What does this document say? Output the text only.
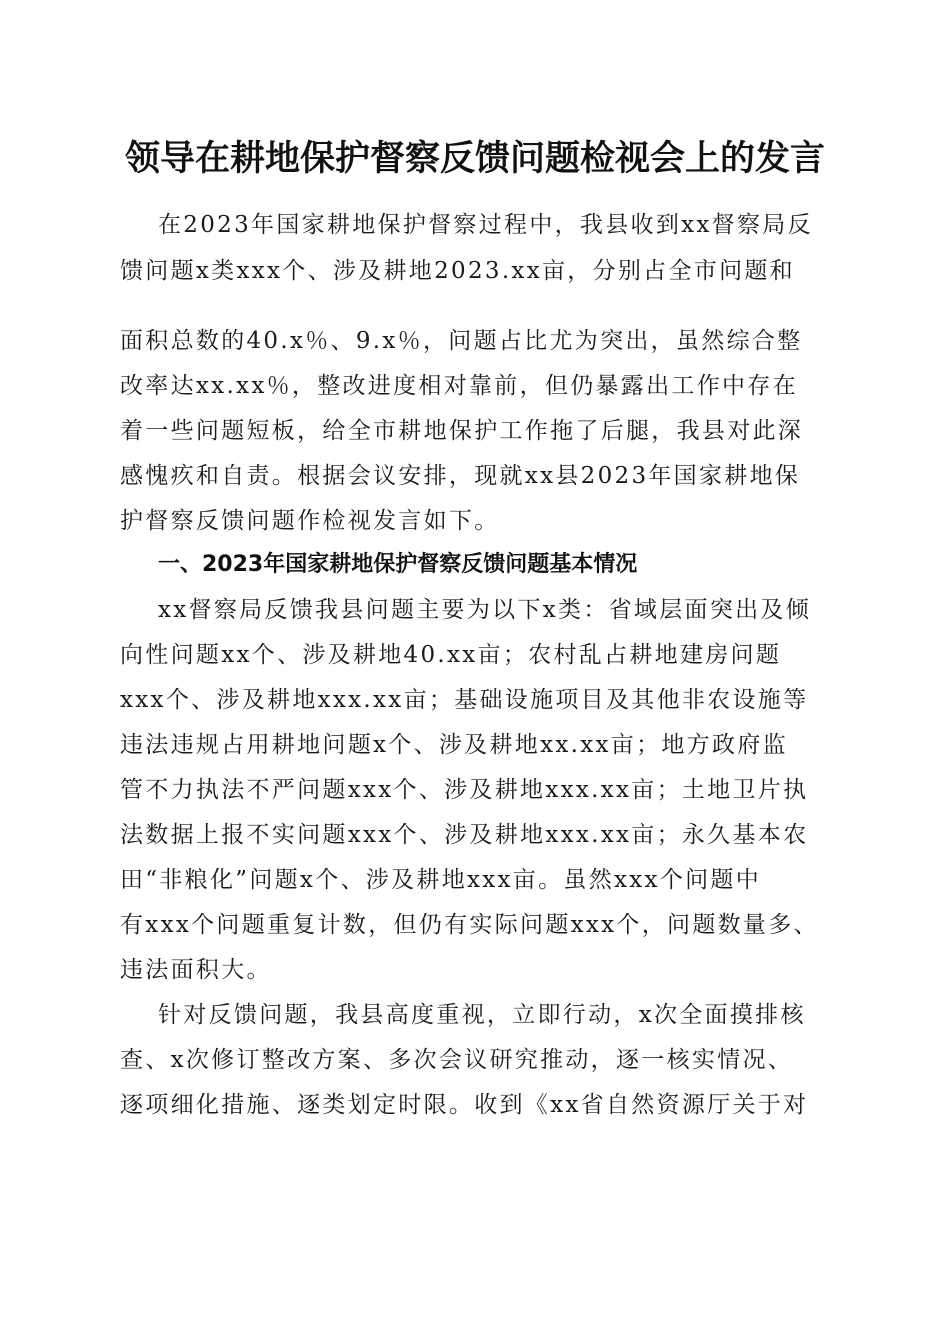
领导在耕地保护督察反馈问题检视会上的发言
在2023年国家耕地保护督察过程中，我县收到xx督察局反
馈问题x类xxx个、涉及耕地2023.xx亩，分别占全市问题和
面积总数的40.x％、9.x％，问题占比尤为突出，虽然综合整
改率达xx.xx％，整改进度相对靠前，但仍暴露出工作中存在
着一些问题短板，给全市耕地保护工作拖了后腿，我县对此深
感愧疚和自责。根据会议安排，现就xx县2023年国家耕地保
护督察反馈问题作检视发言如下。
一、2023年国家耕地保护督察反馈问题基本情况
xx督察局反馈我县问题主要为以下x类：省域层面突出及倾
向性问题xx个、涉及耕地40.xx亩；农村乱占耕地建房问题
xxx个、涉及耕地xxx.xx亩；基础设施项目及其他非农设施等
违法违规占用耕地问题x个、涉及耕地xx.xx亩；地方政府监
管不力执法不严问题xxx个、涉及耕地xxx.xx亩；土地卫片执
法数据上报不实问题xxx个、涉及耕地xxx.xx亩；永久基本农
田“非粮化”问题x个、涉及耕地xxx亩。虽然xxx个问题中
有xxx个问题重复计数，但仍有实际问题xxx个，问题数量多、
违法面积大。
针对反馈问题，我县高度重视，立即行动，x次全面摸排核
查、x次修订整改方案、多次会议研究推动，逐一核实情况、
逐项细化措施、逐类划定时限。收到《xx省自然资源厅关于对
